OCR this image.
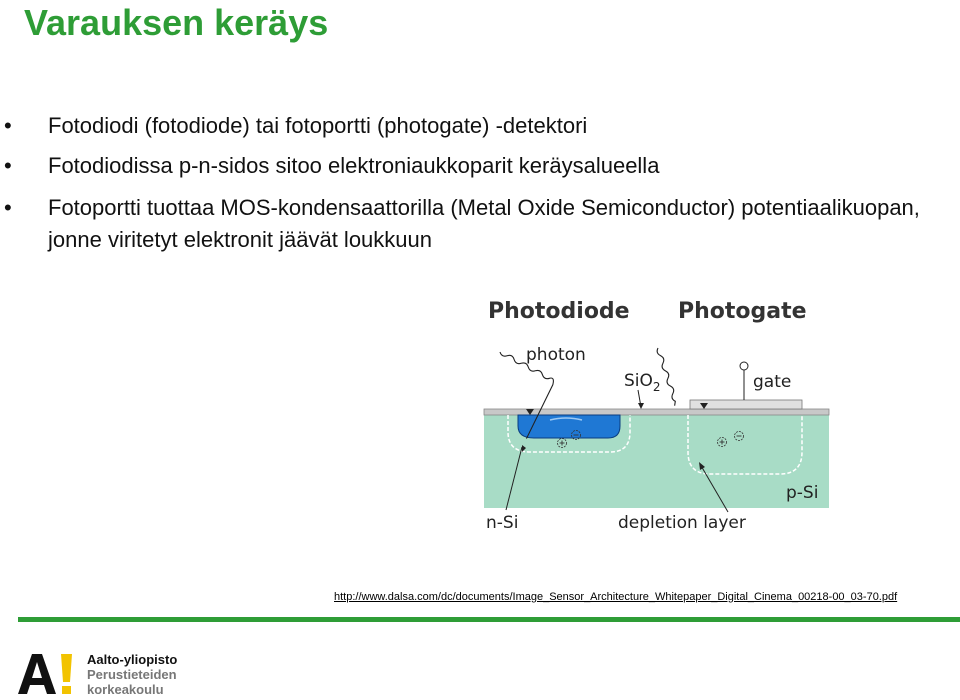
Varauksen keräys
• Fotodiodi (fotodiode) tai fotoportti (photogate) -detektori
• Fotodiodissa p-n-sidos sitoo elektroniaukkoparit keräysalueella
• Fotoportti tuottaa MOS-kondensaattorilla (Metal Oxide Semiconductor) potentiaalikuopan, jonne viritetyt elektronit jäävät loukkuun
Photodiode Photogate
photon
SiO$_2$	gate
p-Si
n-Si	depletion layer
http://www.dalsa.com/dc/documents/Image_Sensor_Architecture_Whitepaper_Digital_Cinema_00218-00_03-70.pdf
Aalto-yliopisto
Perustieteiden
korkeakoulu
